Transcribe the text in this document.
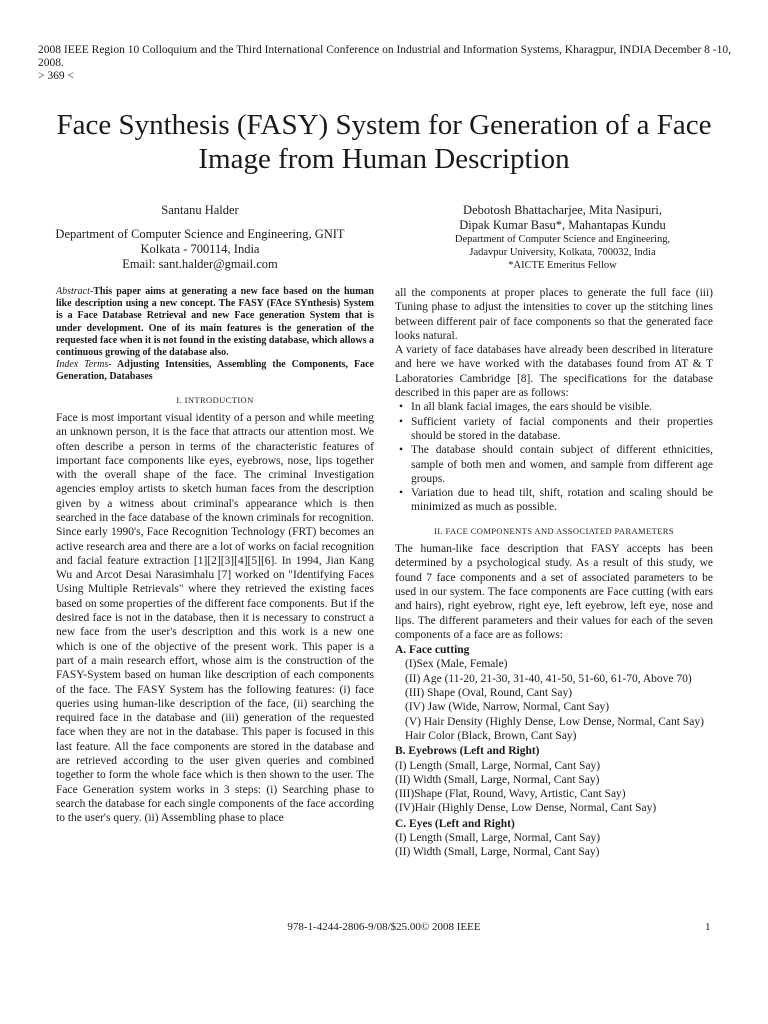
2008 IEEE Region 10 Colloquium and the Third International Conference on Industrial and Information Systems, Kharagpur, INDIA December 8 -10, 2008.
> 369 <
Face Synthesis (FASY) System for Generation of a Face Image from Human Description
Santanu Halder
Department of Computer Science and Engineering, GNIT
Kolkata - 700114, India
Email: sant.halder@gmail.com
Debotosh Bhattacharjee, Mita Nasipuri,
Dipak Kumar Basu*, Mahantapas Kundu
Department of Computer Science and Engineering,
Jadavpur University, Kolkata, 700032, India
*AICTE Emeritus Fellow

Abstract-This paper aims at generating a new face based on the human like description using a new concept. The FASY (FAce SYnthesis) System is a Face Database Retrieval and new Face generation System that is under development. One of its main features is the generation of the requested face when it is not found in the existing database, which allows a continuous growing of the database also.

Index Terms- Adjusting Intensities, Assembling the Components, Face Generation, Databases

I. INTRODUCTION

Face is most important visual identity of a person and while meeting an unknown person, it is the face that attracts our attention most. We often describe a person in terms of the characteristic features of important face components like eyes, eyebrows, nose, lips together with the overall shape of the face. The criminal Investigation agencies employ artists to sketch human faces from the description given by a witness about criminal's appearance which is then searched in the face database of the known criminals for recognition. Since early 1990's, Face Recognition Technology (FRT) becomes an active research area and there are a lot of works on facial recognition and facial feature extraction [1][2][3][4][5][6]. In 1994, Jian Kang Wu and Arcot Desai Narasimhalu [7] worked on "Identifying Faces Using Multiple Retrievals" where they retrieved the existing faces based on some properties of the different face components. But if the desired face is not in the database, then it is necessary to construct a new face from the user's description and this work is a new one which is one of the objective of the present work. This paper is a part of a main research effort, whose aim is the construction of the FASY-System based on human like description of each components of the face. The FASY System has the following features: (i) face queries using human-like description of the face, (ii) searching the required face in the database and (iii) generation of the requested face when they are not in the database. This paper is focused in this last feature. All the face components are stored in the database and are retrieved according to the user given queries and combined together to form the whole face which is then shown to the user. The Face Generation system works in 3 steps: (i) Searching phase to search the database for each single components of the face according to the user's query. (ii) Assembling phase to place

all the components at proper places to generate the full face (iii) Tuning phase to adjust the intensities to cover up the stitching lines between different pair of face components so that the generated face looks natural.

A variety of face databases have already been described in literature and here we have worked with the databases found from AT & T Laboratories Cambridge [8]. The specifications for the database described in this paper are as follows:

• In all blank facial images, the ears should be visible.
• Sufficient variety of facial components and their properties should be stored in the database.
• The database should contain subject of different ethnicities, sample of both men and women, and sample from different age groups.
• Variation due to head tilt, shift, rotation and scaling should be minimized as much as possible.

II. FACE COMPONENTS AND ASSOCIATED PARAMETERS

The human-like face description that FASY accepts has been determined by a psychological study. As a result of this study, we found 7 face components and a set of associated parameters to be used in our system. The face components are Face cutting (with ears and hairs), right eyebrow, right eye, left eyebrow, left eye, nose and lips. The different parameters and their values for each of the seven components of a face are as follows:

A. Face cutting

(I)Sex (Male, Female)
(II) Age (11-20, 21-30, 31-40, 41-50, 51-60, 61-70, Above 70)
(III) Shape (Oval, Round, Cant Say)
(IV) Jaw (Wide, Narrow, Normal, Cant Say)
(V) Hair Density (Highly Dense, Low Dense, Normal, Cant Say) Hair Color (Black, Brown, Cant Say)

B. Eyebrows (Left and Right)

(I) Length (Small, Large, Normal, Cant Say)
(II) Width (Small, Large, Normal, Cant Say)
(III)Shape (Flat, Round, Wavy, Artistic, Cant Say)
(IV)Hair (Highly Dense, Low Dense, Normal, Cant Say)

C. Eyes (Left and Right)

(I) Length (Small, Large, Normal, Cant Say)
(II) Width (Small, Large, Normal, Cant Say)
978-1-4244-2806-9/08/$25.00© 2008 IEEE	1
